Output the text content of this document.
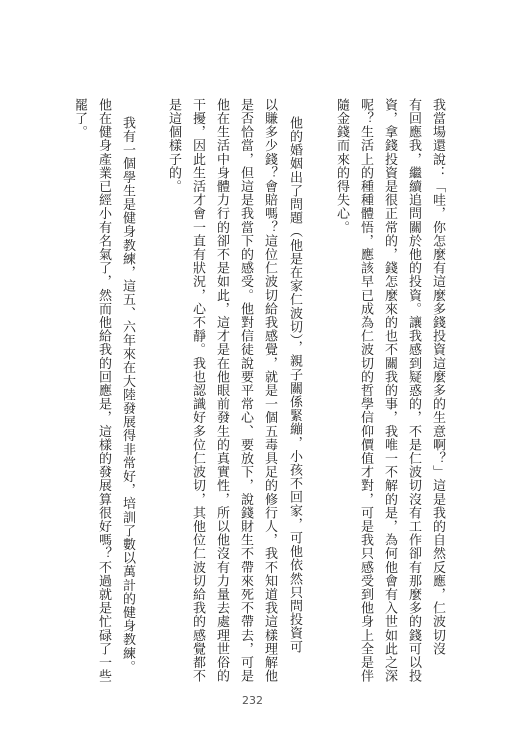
我當場還說：「哇，你怎麼有這麼多錢投資這麼多的生意啊？」這是我的自然反應，仁波切沒
有回應我，繼續追問關於他的投資。讓我感到疑惑的，不是仁波切沒有工作卻有那麼多的錢可以投
資，拿錢投資是很正常的，錢怎麼來的也不關我的事，我唯一不解的是，為何他會有入世如此之深
呢？生活上的種種體悟，應該早已成為仁波切的哲學信仰價值才對，可是我只感受到他身上全是伴
隨金錢而來的得失心。
他的婚姻出了問題（他是在家仁波切），親子關係緊繃，小孩不回家，可他依然只問投資可
以賺多少錢？會賠嗎？這位仁波切給我感覺，就是一個五毒具足的修行人，我不知道我這樣理解他
是否恰當，但這是我當下的感受。他對信徒說要平常心、要放下，說錢財生不帶來死不帶去，可是
他在生活中身體力行的卻不是如此，這才是在他眼前發生的真實性，所以他沒有力量去處理世俗的
干擾，因此生活才會一直有狀況，心不靜。我也認識好多位仁波切，其他位仁波切給我的感覺都不
是這個樣子的。
我有一個學生是健身教練，這五、六年來在大陸發展得非常好，培訓了數以萬計的健身教練。
他在健身產業已經小有名氣了，然而他給我的回應是，這樣的發展算很好嗎？不過就是忙碌了一些
罷了。
232
